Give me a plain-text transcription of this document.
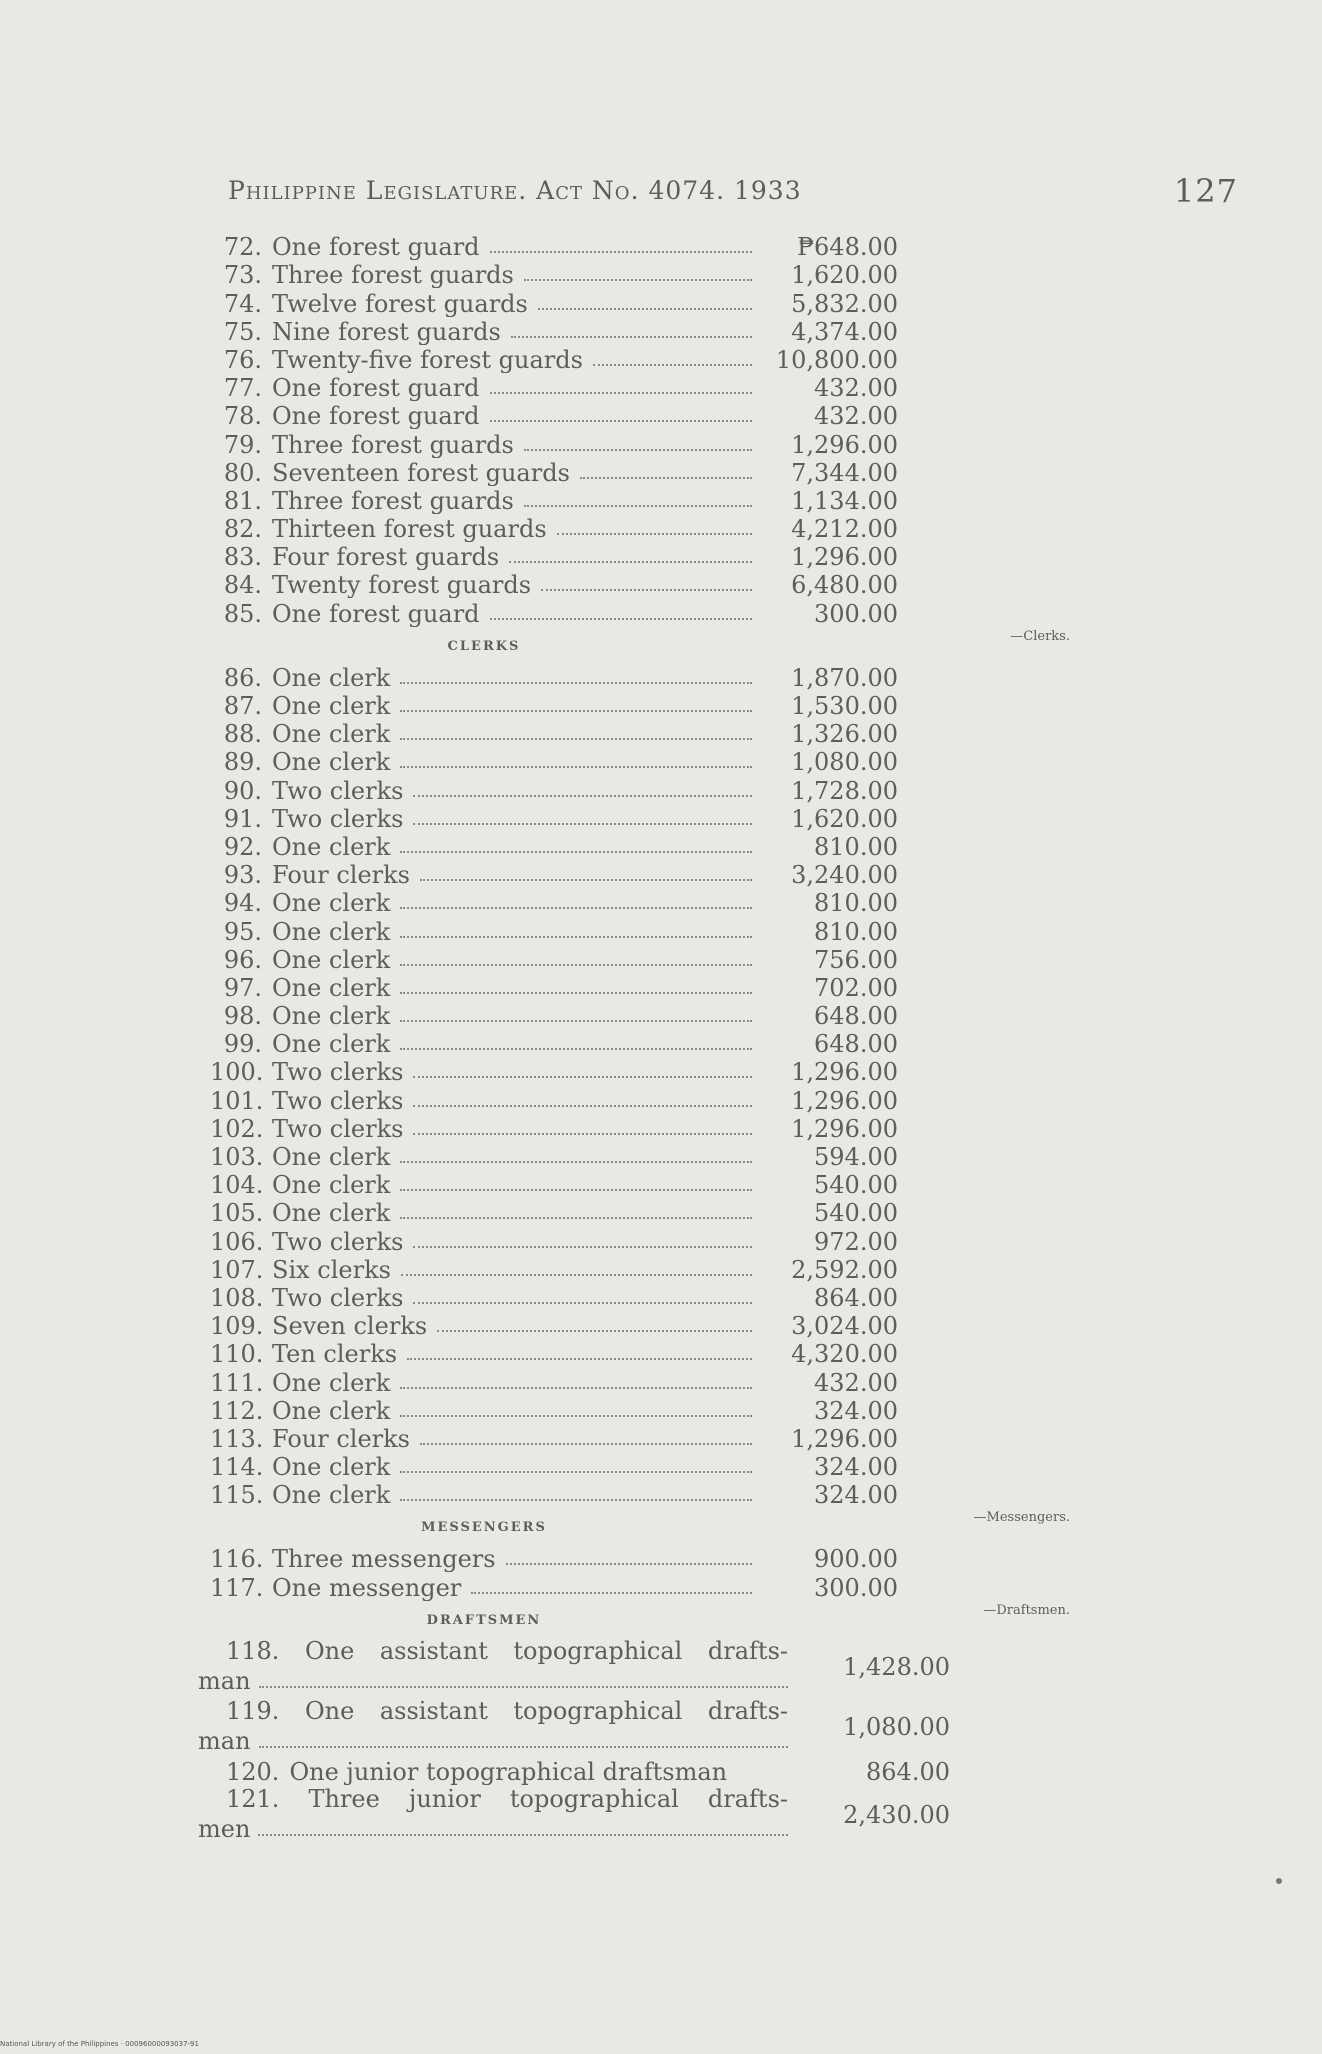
Philippine Legislature. Act No. 4074. 1933	127
72. One forest guard	₱648.00
73. Three forest guards	1,620.00
74. Twelve forest guards	5,832.00
75. Nine forest guards	4,374.00
76. Twenty-five forest guards	10,800.00
77. One forest guard	432.00
78. One forest guard	432.00
79. Three forest guards	1,296.00
80. Seventeen forest guards	7,344.00
81. Three forest guards	1,134.00
82. Thirteen forest guards	4,212.00
83. Four forest guards	1,296.00
84. Twenty forest guards	6,480.00
85. One forest guard	300.00
CLERKS
—Clerks.
86. One clerk	1,870.00
87. One clerk	1,530.00
88. One clerk	1,326.00
89. One clerk	1,080.00
90. Two clerks	1,728.00
91. Two clerks	1,620.00
92. One clerk	810.00
93. Four clerks	3,240.00
94. One clerk	810.00
95. One clerk	810.00
96. One clerk	756.00
97. One clerk	702.00
98. One clerk	648.00
99. One clerk	648.00
100. Two clerks	1,296.00
101. Two clerks	1,296.00
102. Two clerks	1,296.00
103. One clerk	594.00
104. One clerk	540.00
105. One clerk	540.00
106. Two clerks	972.00
107. Six clerks	2,592.00
108. Two clerks	864.00
109. Seven clerks	3,024.00
110. Ten clerks	4,320.00
111. One clerk	432.00
112. One clerk	324.00
113. Four clerks	1,296.00
114. One clerk	324.00
115. One clerk	324.00
MESSENGERS
—Messengers.
116. Three messengers	900.00
117. One messenger	300.00
DRAFTSMEN
—Draftsmen.
118. One assistant topographical drafts-
man	1,428.00
119. One assistant topographical drafts-
man	1,080.00
120. One junior topographical draftsman	864.00
121. Three junior topographical drafts-
men	2,430.00
National Library of the Philippines · 00096000093037-91
